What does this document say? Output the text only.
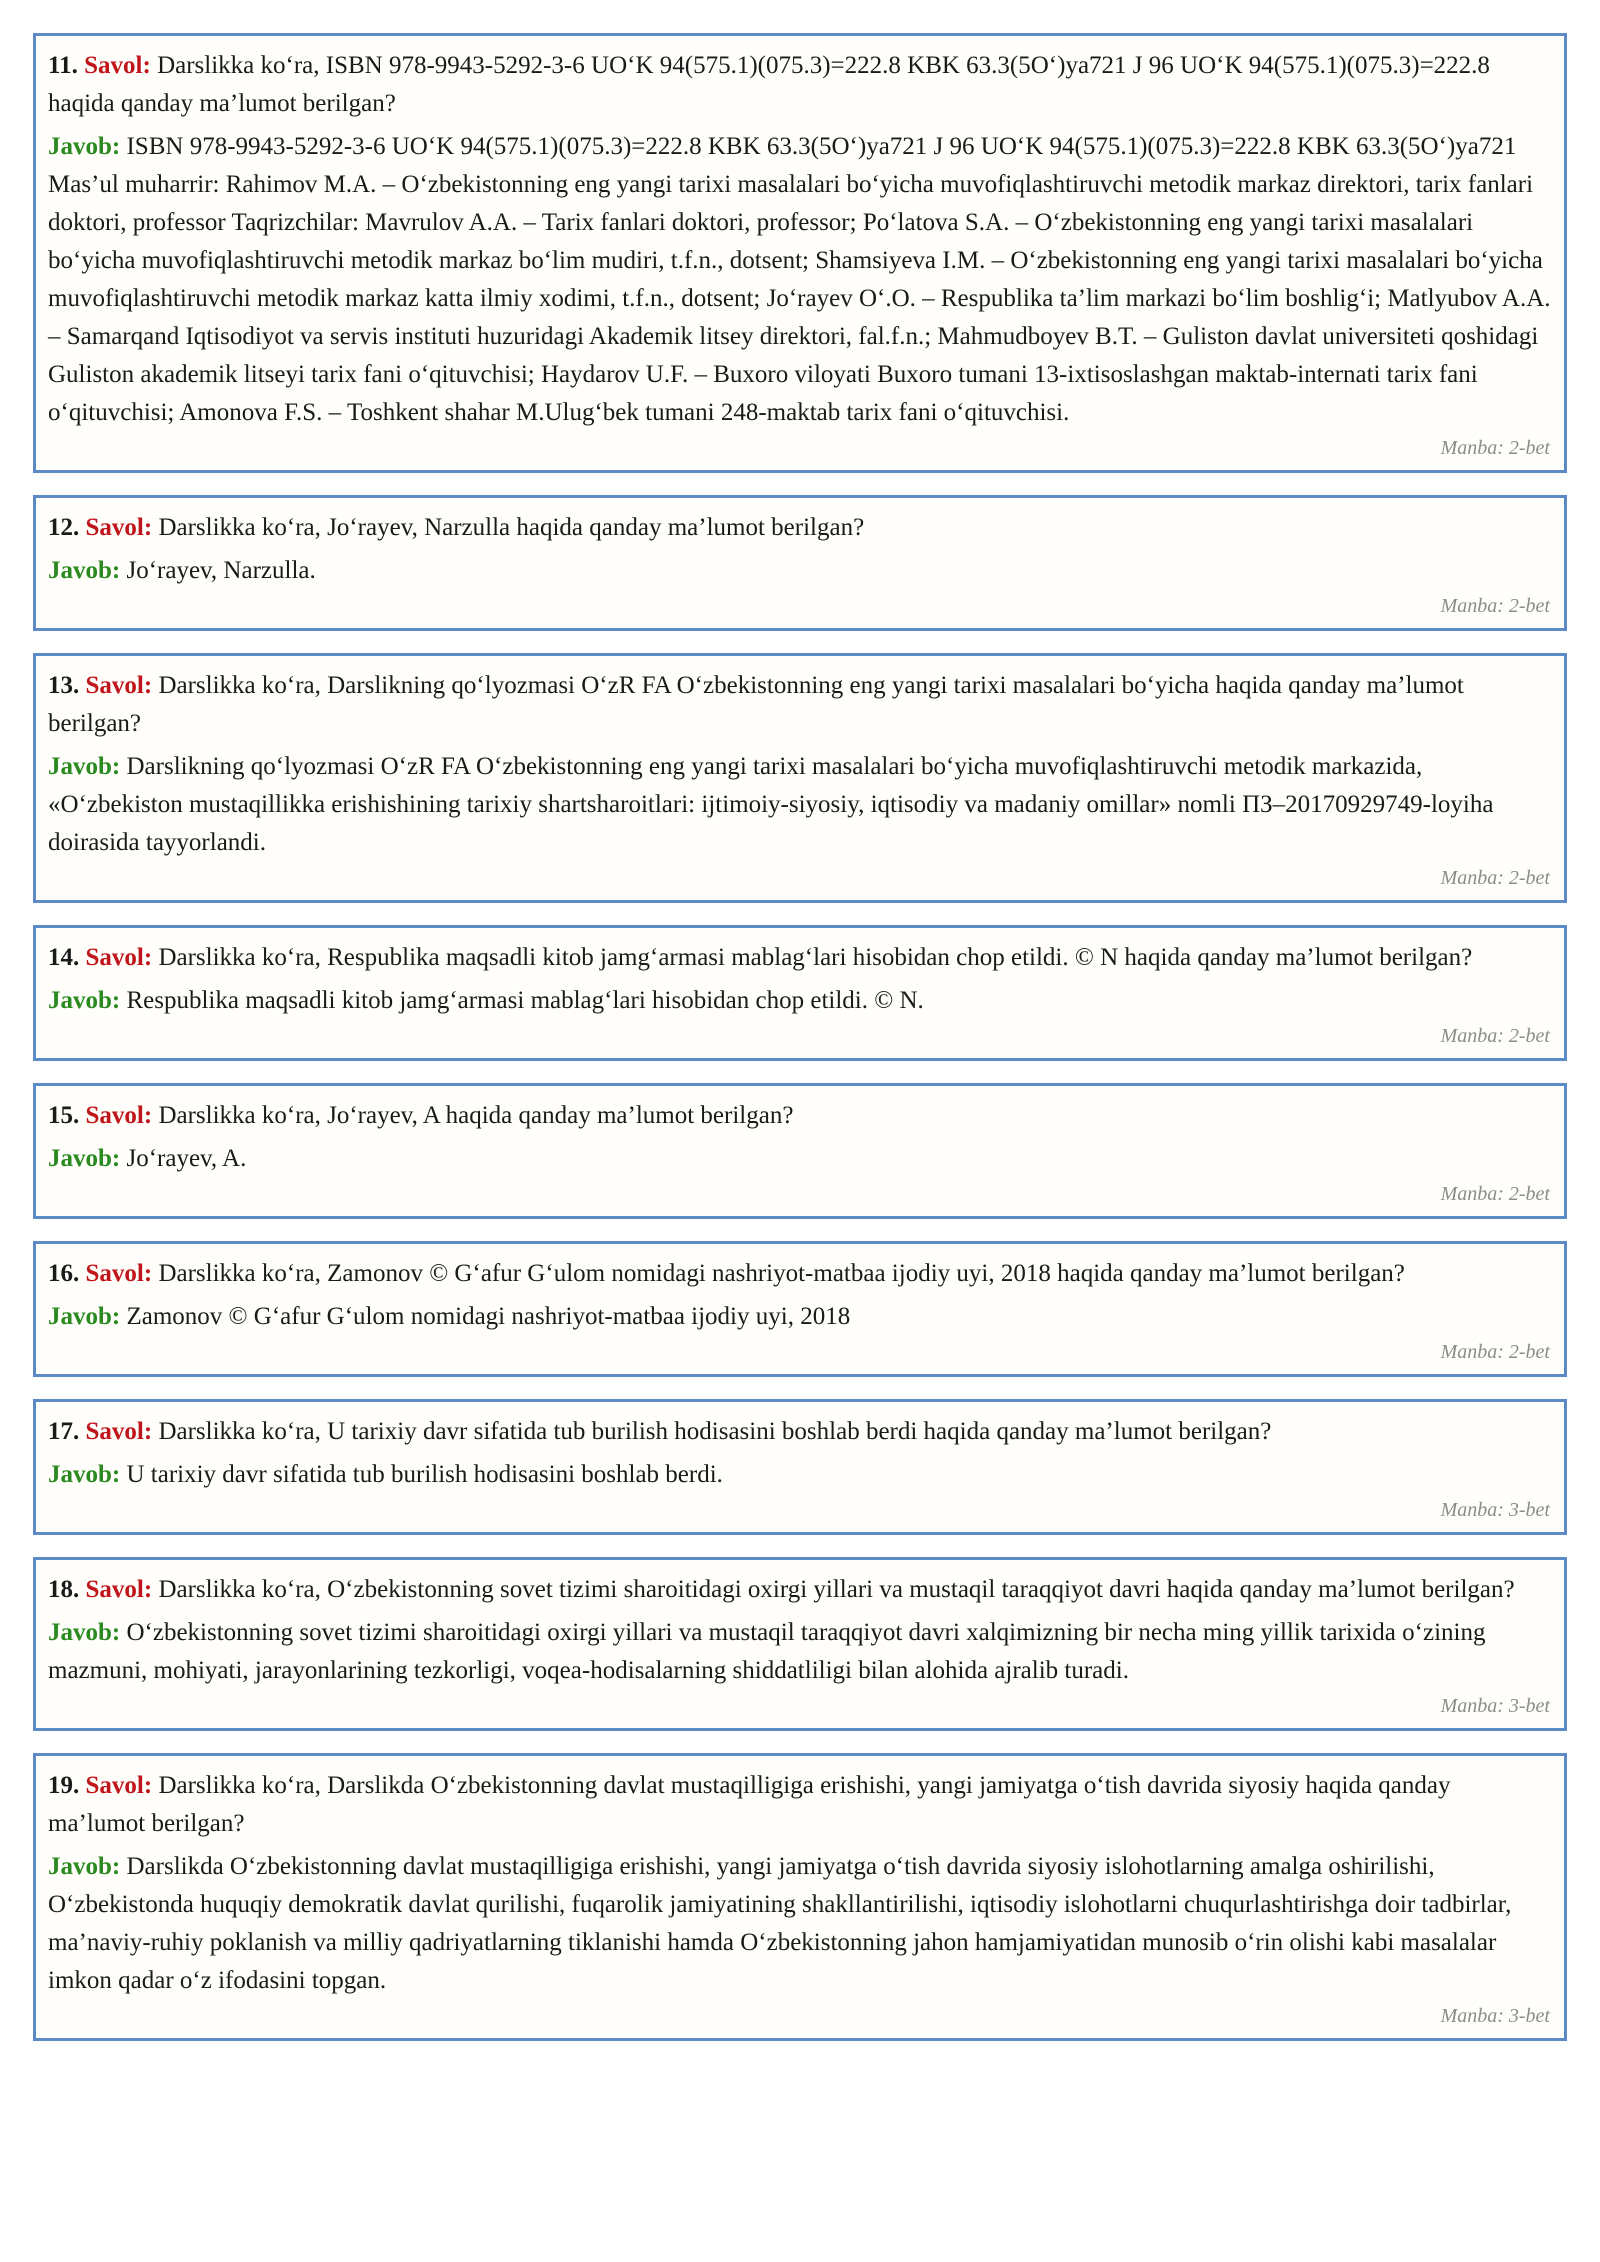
11. Savol: Darslikka ko‘ra, ISBN 978-9943-5292-3-6 UO‘K 94(575.1)(075.3)=222.8 KBK 63.3(5O‘)ya721 J 96 UO‘K 94(575.1)(075.3)=222.8 haqida qanday ma’lumot berilgan?

Javob: ISBN 978-9943-5292-3-6 UO‘K 94(575.1)(075.3)=222.8 KBK 63.3(5O‘)ya721 J 96 UO‘K 94(575.1)(075.3)=222.8 KBK 63.3(5O‘)ya721 Mas’ul muharrir: Rahimov M.A. – O‘zbekistonning eng yangi tarixi masalalari bo‘yicha muvofiqlashtiruvchi metodik markaz direktori, tarix fanlari doktori, professor Taqrizchilar: Mavrulov A.A. – Tarix fanlari doktori, professor; Po‘latova S.A. – O‘zbekistonning eng yangi tarixi masalalari bo‘yicha muvofiqlashtiruvchi metodik markaz bo‘lim mudiri, t.f.n., dotsent; Shamsiyeva I.M. – O‘zbekistonning eng yangi tarixi masalalari bo‘yicha muvofiqlashtiruvchi metodik markaz katta ilmiy xodimi, t.f.n., dotsent; Jo‘rayev O‘.O. – Respublika ta’lim markazi bo‘lim boshlig‘i; Matlyubov A.A. – Samarqand Iqtisodiyot va servis instituti huzuridagi Akademik litsey direktori, fal.f.n.; Mahmudboyev B.T. – Guliston davlat universiteti qoshidagi Guliston akademik litseyi tarix fani o‘qituvchisi; Haydarov U.F. – Buxoro viloyati Buxoro tumani 13-ixtisoslashgan maktab-internati tarix fani o‘qituvchisi; Amonova F.S. – Toshkent shahar M.Ulug‘bek tumani 248-maktab tarix fani o‘qituvchisi.

Manba: 2-bet

12. Savol: Darslikka ko‘ra, Jo‘rayev, Narzulla haqida qanday ma’lumot berilgan?

Javob: Jo‘rayev, Narzulla.

Manba: 2-bet

13. Savol: Darslikka ko‘ra, Darslikning qo‘lyozmasi O‘zR FA O‘zbekistonning eng yangi tarixi masalalari bo‘yicha haqida qanday ma’lumot berilgan?

Javob: Darslikning qo‘lyozmasi O‘zR FA O‘zbekistonning eng yangi tarixi masalalari bo‘yicha muvofiqlashtiruvchi metodik markazida, «O‘zbekiston mustaqillikka erishishining tarixiy shartsharoitlari: ijtimoiy-siyosiy, iqtisodiy va madaniy omillar» nomli ПЗ–20170929749-loyiha doirasida tayyorlandi.

Manba: 2-bet

14. Savol: Darslikka ko‘ra, Respublika maqsadli kitob jamg‘armasi mablag‘lari hisobidan chop etildi. © N haqida qanday ma’lumot berilgan?

Javob: Respublika maqsadli kitob jamg‘armasi mablag‘lari hisobidan chop etildi. © N.

Manba: 2-bet

15. Savol: Darslikka ko‘ra, Jo‘rayev, A haqida qanday ma’lumot berilgan?

Javob: Jo‘rayev, A.

Manba: 2-bet

16. Savol: Darslikka ko‘ra, Zamonov © G‘afur G‘ulom nomidagi nashriyot-matbaa ijodiy uyi, 2018 haqida qanday ma’lumot berilgan?

Javob: Zamonov © G‘afur G‘ulom nomidagi nashriyot-matbaa ijodiy uyi, 2018

Manba: 2-bet

17. Savol: Darslikka ko‘ra, U tarixiy davr sifatida tub burilish hodisasini boshlab berdi haqida qanday ma’lumot berilgan?

Javob: U tarixiy davr sifatida tub burilish hodisasini boshlab berdi.

Manba: 3-bet

18. Savol: Darslikka ko‘ra, O‘zbekistonning sovet tizimi sharoitidagi oxirgi yillari va mustaqil taraqqiyot davri haqida qanday ma’lumot berilgan?

Javob: O‘zbekistonning sovet tizimi sharoitidagi oxirgi yillari va mustaqil taraqqiyot davri xalqimizning bir necha ming yillik tarixida o‘zining mazmuni, mohiyati, jarayonlarining tezkorligi, voqea-hodisalarning shiddatliligi bilan alohida ajralib turadi.

Manba: 3-bet

19. Savol: Darslikka ko‘ra, Darslikda O‘zbekistonning davlat mustaqilligiga erishishi, yangi jamiyatga o‘tish davrida siyosiy haqida qanday ma’lumot berilgan?

Javob: Darslikda O‘zbekistonning davlat mustaqilligiga erishishi, yangi jamiyatga o‘tish davrida siyosiy islohotlarning amalga oshirilishi, O‘zbekistonda huquqiy demokratik davlat qurilishi, fuqarolik jamiyatining shakllantirilishi, iqtisodiy islohotlarni chuqurlashtirishga doir tadbirlar, ma’naviy-ruhiy poklanish va milliy qadriyatlarning tiklanishi hamda O‘zbekistonning jahon hamjamiyatidan munosib o‘rin olishi kabi masalalar imkon qadar o‘z ifodasini topgan.

Manba: 3-bet
